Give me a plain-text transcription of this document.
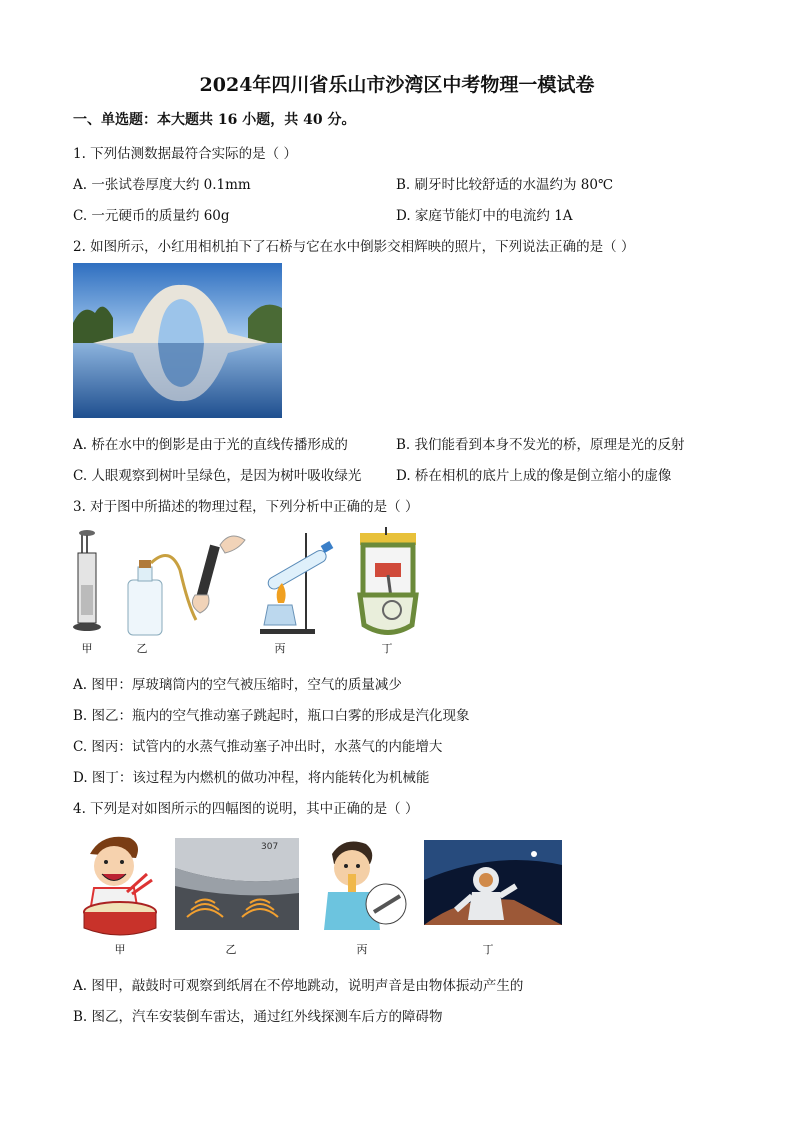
2024年四川省乐山市沙湾区中考物理一模试卷
一、单选题：本大题共 16 小题，共 40 分。
1. 下列估测数据最符合实际的是（ ）
A. 一张试卷厚度大约 0.1mm	B. 刷牙时比较舒适的水温约为 80℃
C. 一元硬币的质量约 60g	D. 家庭节能灯中的电流约 1A
2. 如图所示，小红用相机拍下了石桥与它在水中倒影交相辉映的照片，下列说法正确的是（ ）
A. 桥在水中的倒影是由于光的直线传播形成的	B. 我们能看到本身不发光的桥，原理是光的反射
C. 人眼观察到树叶呈绿色，是因为树叶吸收绿光	D. 桥在相机的底片上成的像是倒立缩小的虚像
3. 对于图中所描述的物理过程，下列分析中正确的是（ ）
甲	乙	丙	丁
A. 图甲：厚玻璃筒内的空气被压缩时，空气的质量减少
B. 图乙：瓶内的空气推动塞子跳起时，瓶口白雾的形成是汽化现象
C. 图丙：试管内的水蒸气推动塞子冲出时，水蒸气的内能增大
D. 图丁：该过程为内燃机的做功冲程，将内能转化为机械能
4. 下列是对如图所示的四幅图的说明，其中正确的是（ ）
307
甲	乙	丙	丁
A. 图甲，敲鼓时可观察到纸屑在不停地跳动，说明声音是由物体振动产生的
B. 图乙，汽车安装倒车雷达，通过红外线探测车后方的障碍物
